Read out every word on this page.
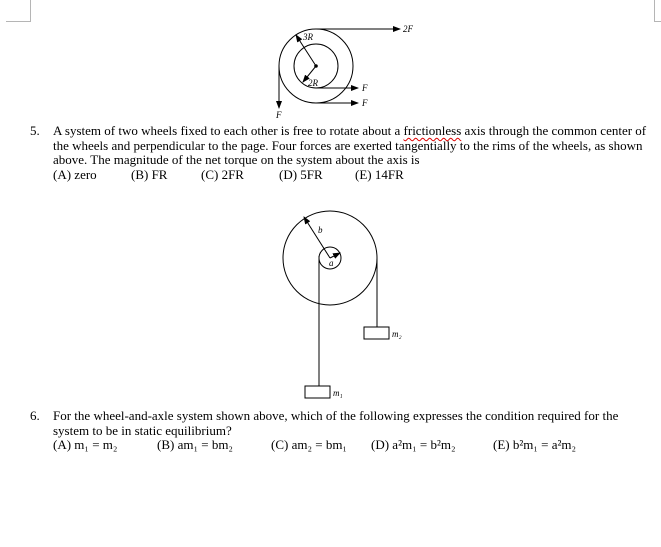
3R
2R
2F
F
F
F
b
a
m₁
m₂
5. A system of two wheels fixed to each other is free to rotate about a frictionless axis through the common center of the wheels and perpendicular to the page. Four forces are exerted tangentially to the rims of the wheels, as shown above. The magnitude of the net torque on the system about the axis is
(A) zero	(B) FR	(C) 2FR	(D) 5FR	(E) 14FR
6. For the wheel-and-axle system shown above, which of the following expresses the condition required for the system to be in static equilibrium?
(A) m₁ = m₂	(B) am₁ = bm₂	(C) am₂ = bm₁	(D) a²m₁ = b²m₂	(E) b²m₁ = a²m₂
